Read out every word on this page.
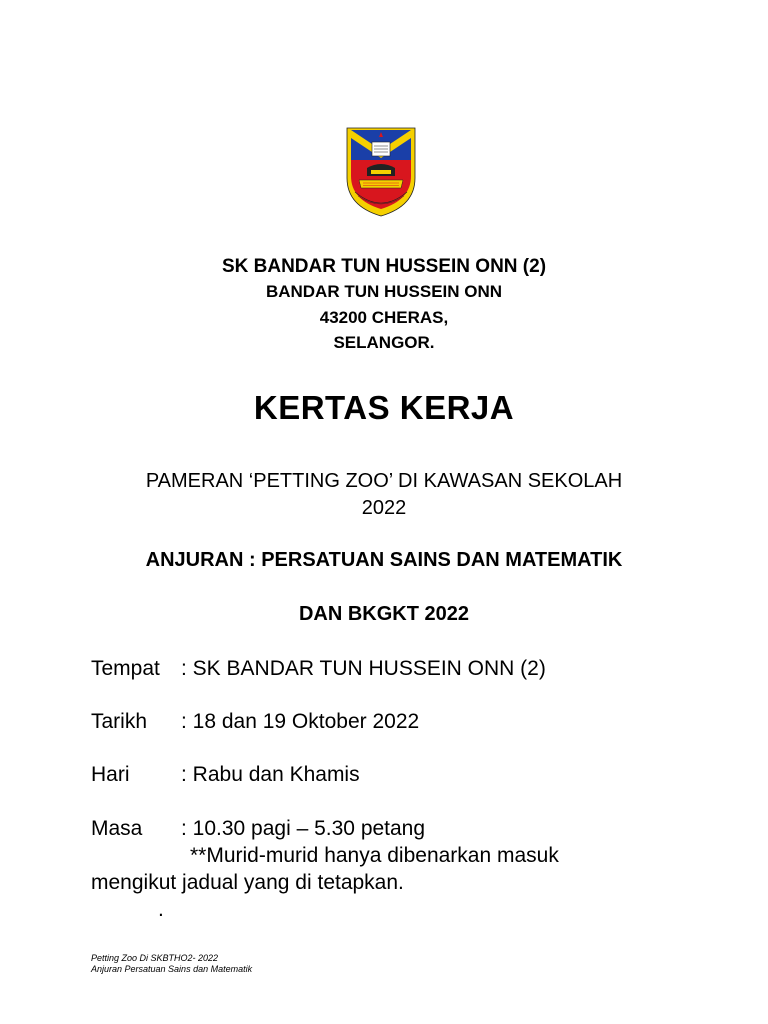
SK BANDAR TUN HUSSEIN ONN (2)
BANDAR TUN HUSSEIN ONN
43200 CHERAS,
SELANGOR.
KERTAS KERJA
PAMERAN ‘PETTING ZOO’ DI KAWASAN SEKOLAH
2022
ANJURAN : PERSATUAN SAINS DAN MATEMATIK
DAN BKGKT 2022
Tempat : SK BANDAR TUN HUSSEIN ONN (2)
Tarikh : 18 dan 19 Oktober 2022
Hari : Rabu dan Khamis
Masa : 10.30 pagi – 5.30 petang
**Murid-murid hanya dibenarkan masuk
mengikut jadual yang di tetapkan.
.
Petting Zoo Di SKBTHO2- 2022
Anjuran Persatuan Sains dan Matematik
